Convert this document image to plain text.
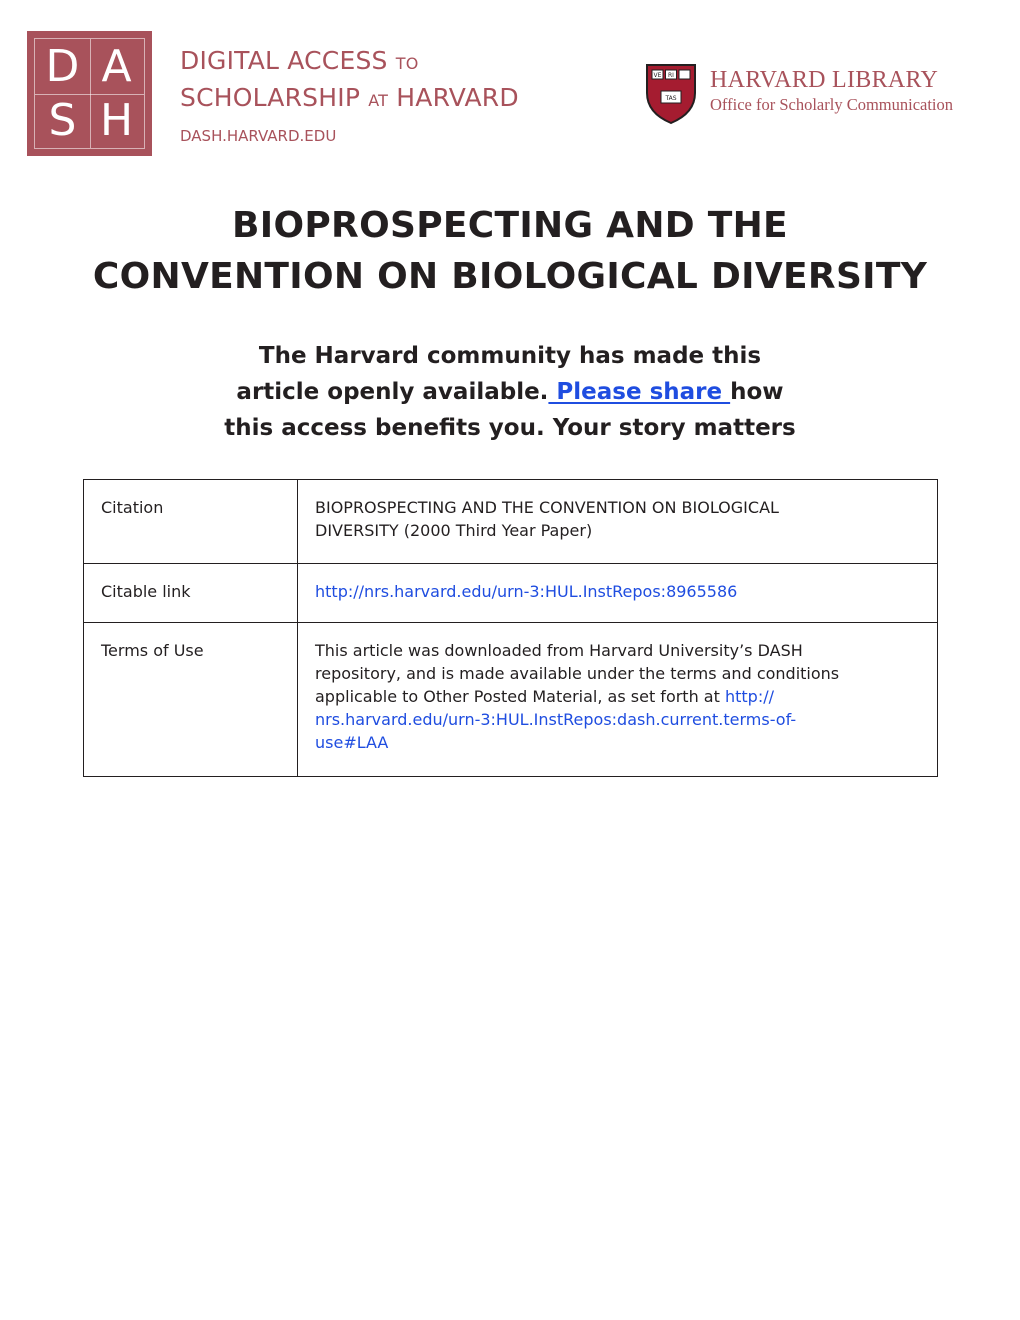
D A
S H
DIGITAL ACCESS TO
SCHOLARSHIP AT HARVARD
DASH.HARVARD.EDU
VE RI
TAS
HARVARD LIBRARY
Office for Scholarly Communication
BIOPROSPECTING AND THE
CONVENTION ON BIOLOGICAL DIVERSITY
The Harvard community has made this
article openly available. Please share how
this access benefits you. Your story matters
Citation	BIOPROSPECTING AND THE CONVENTION ON BIOLOGICAL
DIVERSITY (2000 Third Year Paper)

Citable link	http://nrs.harvard.edu/urn-3:HUL.InstRepos:8965586
Terms of Use	This article was downloaded from Harvard University’s DASH
repository, and is made available under the terms and conditions
applicable to Other Posted Material, as set forth at http://
nrs.harvard.edu/urn-3:HUL.InstRepos:dash.current.terms-of-
use#LAA
